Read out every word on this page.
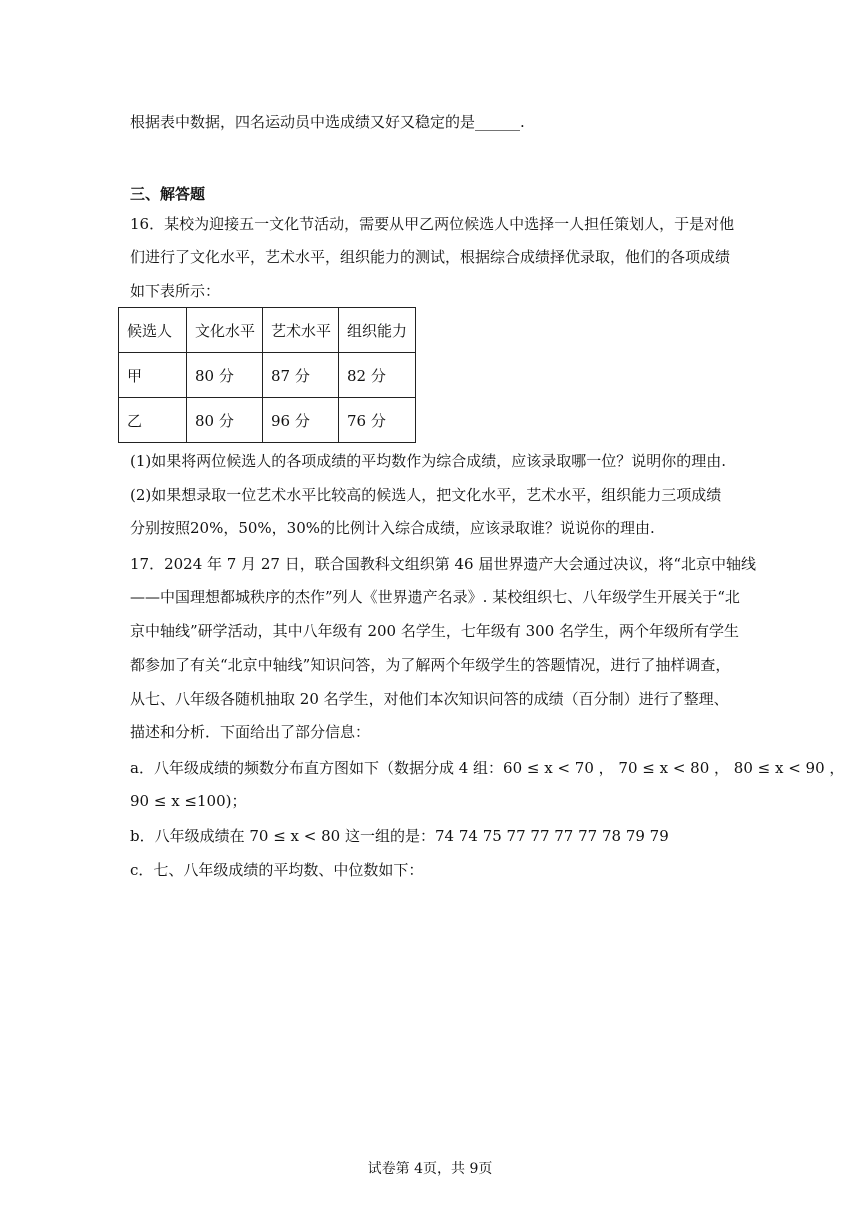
根据表中数据，四名运动员中选成绩又好又稳定的是______.
三、解答题
16．某校为迎接五一文化节活动，需要从甲乙两位候选人中选择一人担任策划人，于是对他
们进行了文化水平，艺术水平，组织能力的测试，根据综合成绩择优录取，他们的各项成绩
如下表所示：
候选人	文化水平	艺术水平	组织能力
甲	80 分	87 分	82 分
乙	80 分	96 分	76 分
(1)如果将两位候选人的各项成绩的平均数作为综合成绩，应该录取哪一位？说明你的理由.
(2)如果想录取一位艺术水平比较高的候选人，把文化水平，艺术水平，组织能力三项成绩
分别按照20%，50%，30%的比例计入综合成绩，应该录取谁？说说你的理由.
17．2024 年 7 月 27 日，联合国教科文组织第 46 届世界遗产大会通过决议，将“北京中轴线
——中国理想都城秩序的杰作”列人《世界遗产名录》. 某校组织七、八年级学生开展关于“北
京中轴线”研学活动，其中八年级有 200 名学生，七年级有 300 名学生，两个年级所有学生
都参加了有关“北京中轴线”知识问答，为了解两个年级学生的答题情况，进行了抽样调查，
从七、八年级各随机抽取 20 名学生，对他们本次知识问答的成绩（百分制）进行了整理、
描述和分析．下面给出了部分信息：
a．八年级成绩的频数分布直方图如下（数据分成 4 组：60 ≤ x < 70 ， 70 ≤ x < 80 ， 80 ≤ x < 90 ，
90 ≤ x ≤100)；
b．八年级成绩在 70 ≤ x < 80 这一组的是：74 74 75 77 77 77 77 78 79 79
c．七、八年级成绩的平均数、中位数如下：
试卷第 4页，共 9页
